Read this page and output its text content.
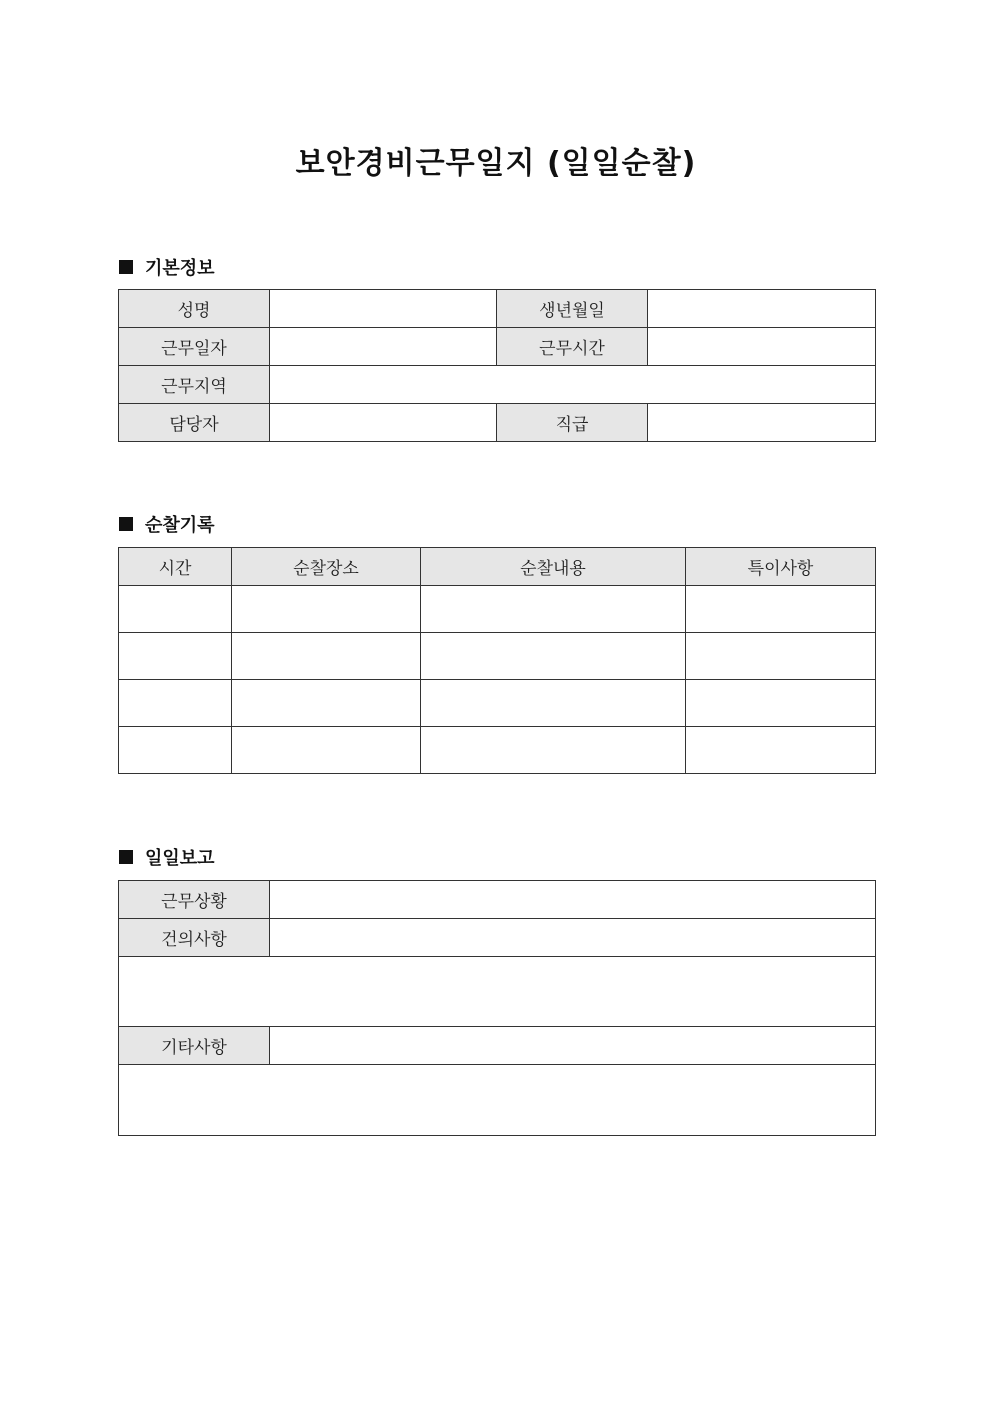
보안경비근무일지 (일일순찰)
기본정보
성명		생년월일	
근무일자		근무시간	
근무지역			
담당자		직급	
순찰기록
시간	순찰장소	순찰내용	특이사항

일일보고
근무상황	
건의사항	

기타사항	
